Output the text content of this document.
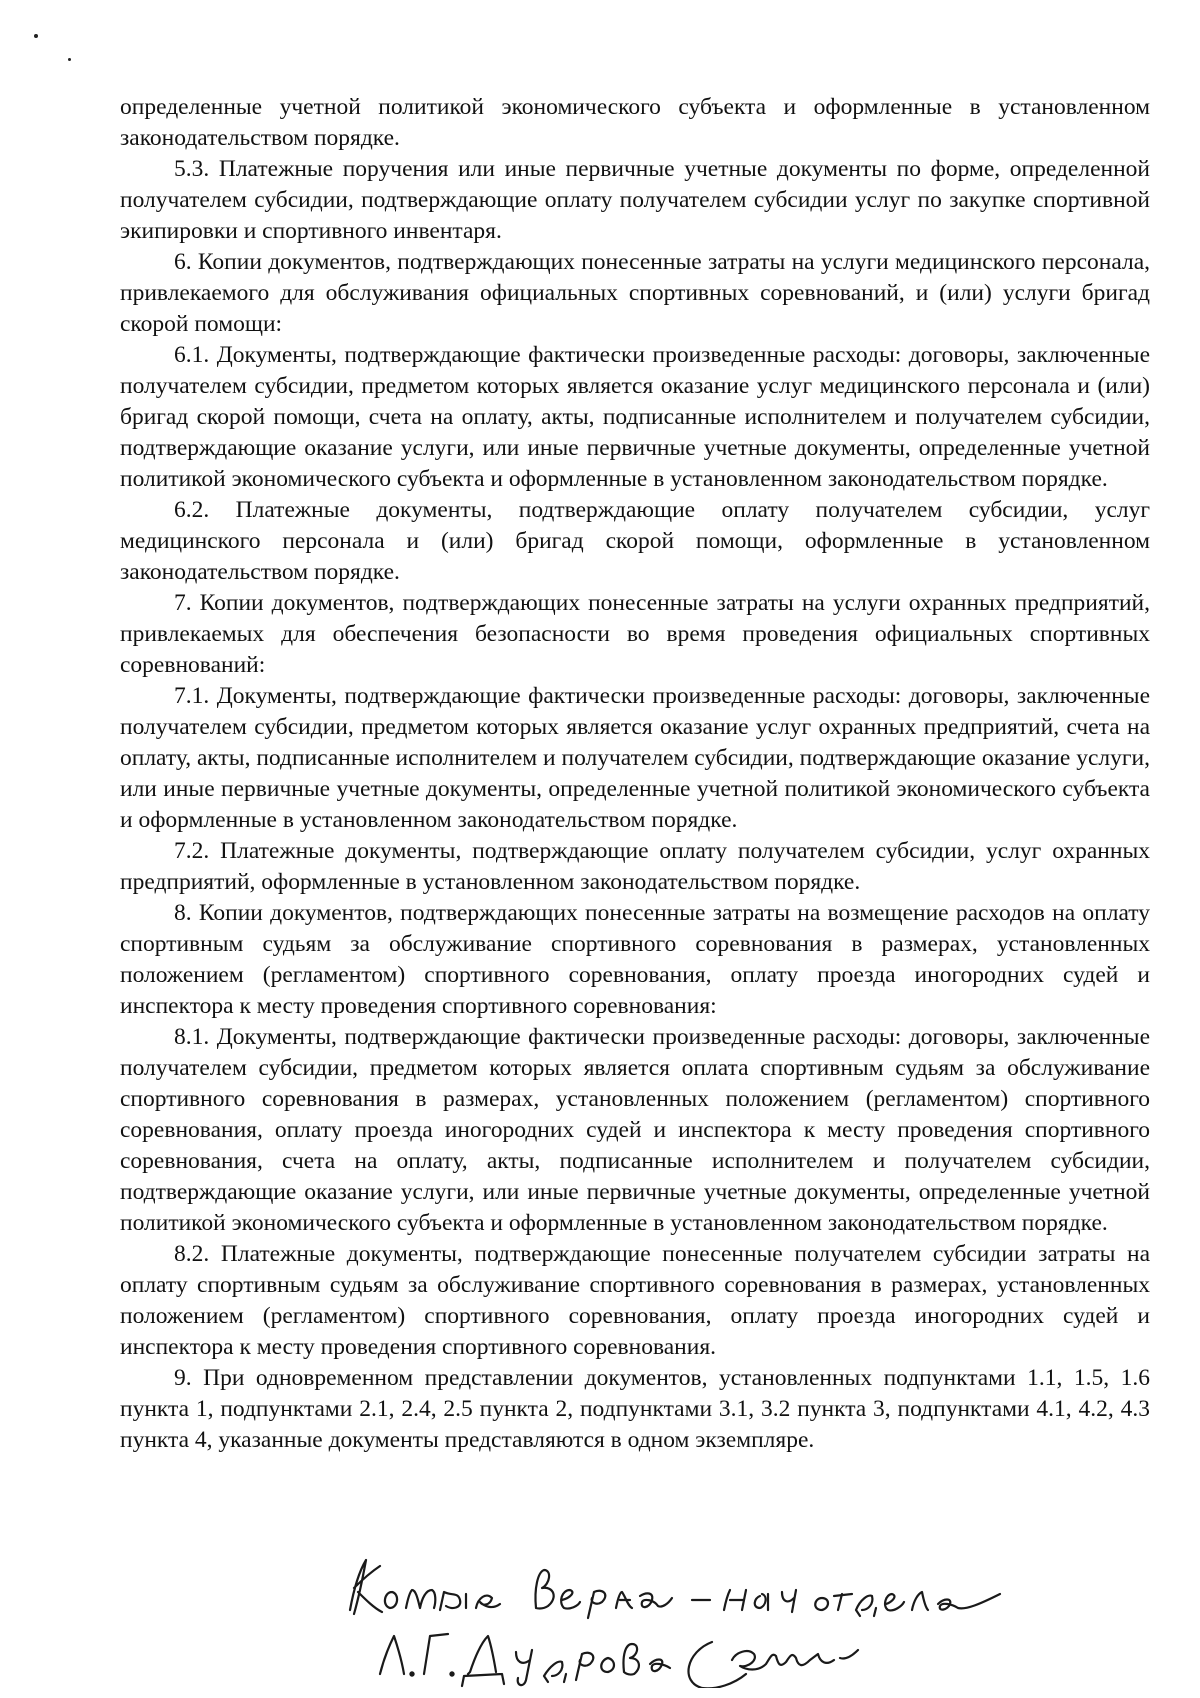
определенные учетной политикой экономического субъекта и оформленные в установленном законодательством порядке.

5.3. Платежные поручения или иные первичные учетные документы по форме, определенной получателем субсидии, подтверждающие оплату получателем субсидии услуг по закупке спортивной экипировки и спортивного инвентаря.

6. Копии документов, подтверждающих понесенные затраты на услуги медицинского персонала, привлекаемого для обслуживания официальных спортивных соревнований, и (или) услуги бригад скорой помощи:

6.1. Документы, подтверждающие фактически произведенные расходы: договоры, заключенные получателем субсидии, предметом которых является оказание услуг медицинского персонала и (или) бригад скорой помощи, счета на оплату, акты, подписанные исполнителем и получателем субсидии, подтверждающие оказание услуги, или иные первичные учетные документы, определенные учетной политикой экономического субъекта и оформленные в установленном законодательством порядке.

6.2. Платежные документы, подтверждающие оплату получателем субсидии, услуг медицинского персонала и (или) бригад скорой помощи, оформленные в установленном законодательством порядке.

7. Копии документов, подтверждающих понесенные затраты на услуги охранных предприятий, привлекаемых для обеспечения безопасности во время проведения официальных спортивных соревнований:

7.1. Документы, подтверждающие фактически произведенные расходы: договоры, заключенные получателем субсидии, предметом которых является оказание услуг охранных предприятий, счета на оплату, акты, подписанные исполнителем и получателем субсидии, подтверждающие оказание услуги, или иные первичные учетные документы, определенные учетной политикой экономического субъекта и оформленные в установленном законодательством порядке.

7.2. Платежные документы, подтверждающие оплату получателем субсидии, услуг охранных предприятий, оформленные в установленном законодательством порядке.

8. Копии документов, подтверждающих понесенные затраты на возмещение расходов на оплату спортивным судьям за обслуживание спортивного соревнования в размерах, установленных положением (регламентом) спортивного соревнования, оплату проезда иногородних судей и инспектора к месту проведения спортивного соревнования:

8.1. Документы, подтверждающие фактически произведенные расходы: договоры, заключенные получателем субсидии, предметом которых является оплата спортивным судьям за обслуживание спортивного соревнования в размерах, установленных положением (регламентом) спортивного соревнования, оплату проезда иногородних судей и инспектора к месту проведения спортивного соревнования, счета на оплату, акты, подписанные исполнителем и получателем субсидии, подтверждающие оказание услуги, или иные первичные учетные документы, определенные учетной политикой экономического субъекта и оформленные в установленном законодательством порядке.

8.2. Платежные документы, подтверждающие понесенные получателем субсидии затраты на оплату спортивным судьям за обслуживание спортивного соревнования в размерах, установленных положением (регламентом) спортивного соревнования, оплату проезда иногородних судей и инспектора к месту проведения спортивного соревнования.

9. При одновременном представлении документов, установленных подпунктами 1.1, 1.5, 1.6 пункта 1, подпунктами 2.1, 2.4, 2.5 пункта 2, подпунктами 3.1, 3.2 пункта 3, подпунктами 4.1, 4.2, 4.3 пункта 4, указанные документы представляются в одном экземпляре.
